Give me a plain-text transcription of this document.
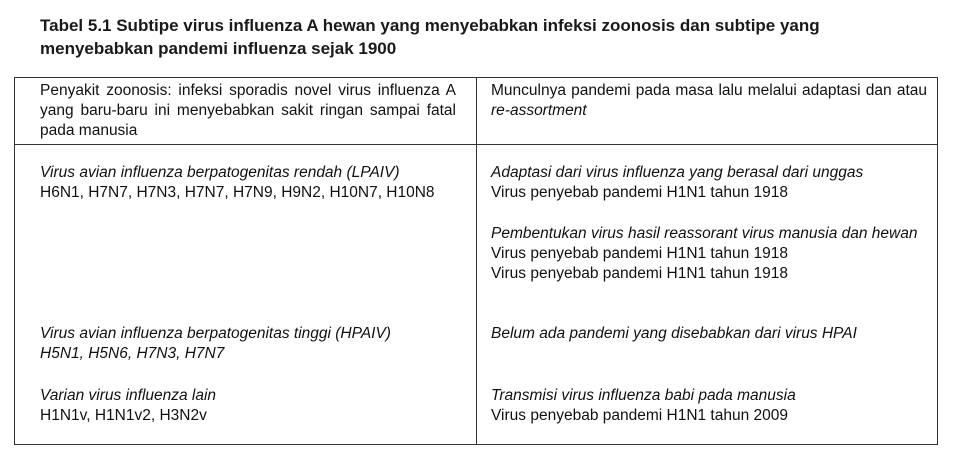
Tabel 5.1 Subtipe virus influenza A hewan yang menyebabkan infeksi zoonosis dan subtipe yang menyebabkan pandemi influenza sejak 1900
Penyakit zoonosis: infeksi sporadis novel virus influenza A yang baru-baru ini menyebabkan sakit ringan sampai fatal pada manusia
Munculnya pandemi pada masa lalu melalui adaptasi dan atau re-assortment
Virus avian influenza berpatogenitas rendah (LPAIV)
H6N1, H7N7, H7N3, H7N7, H7N9, H9N2, H10N7, H10N8
Virus avian influenza berpatogenitas tinggi (HPAIV)
H5N1, H5N6, H7N3, H7N7
Varian virus influenza lain
H1N1v, H1N1v2, H3N2v
Adaptasi dari virus influenza yang berasal dari unggas
Virus penyebab pandemi H1N1 tahun 1918
Pembentukan virus hasil reassorant virus manusia dan hewan
Virus penyebab pandemi H1N1 tahun 1918
Virus penyebab pandemi H1N1 tahun 1918
Belum ada pandemi yang disebabkan dari virus HPAI
Transmisi virus influenza babi pada manusia
Virus penyebab pandemi H1N1 tahun 2009
